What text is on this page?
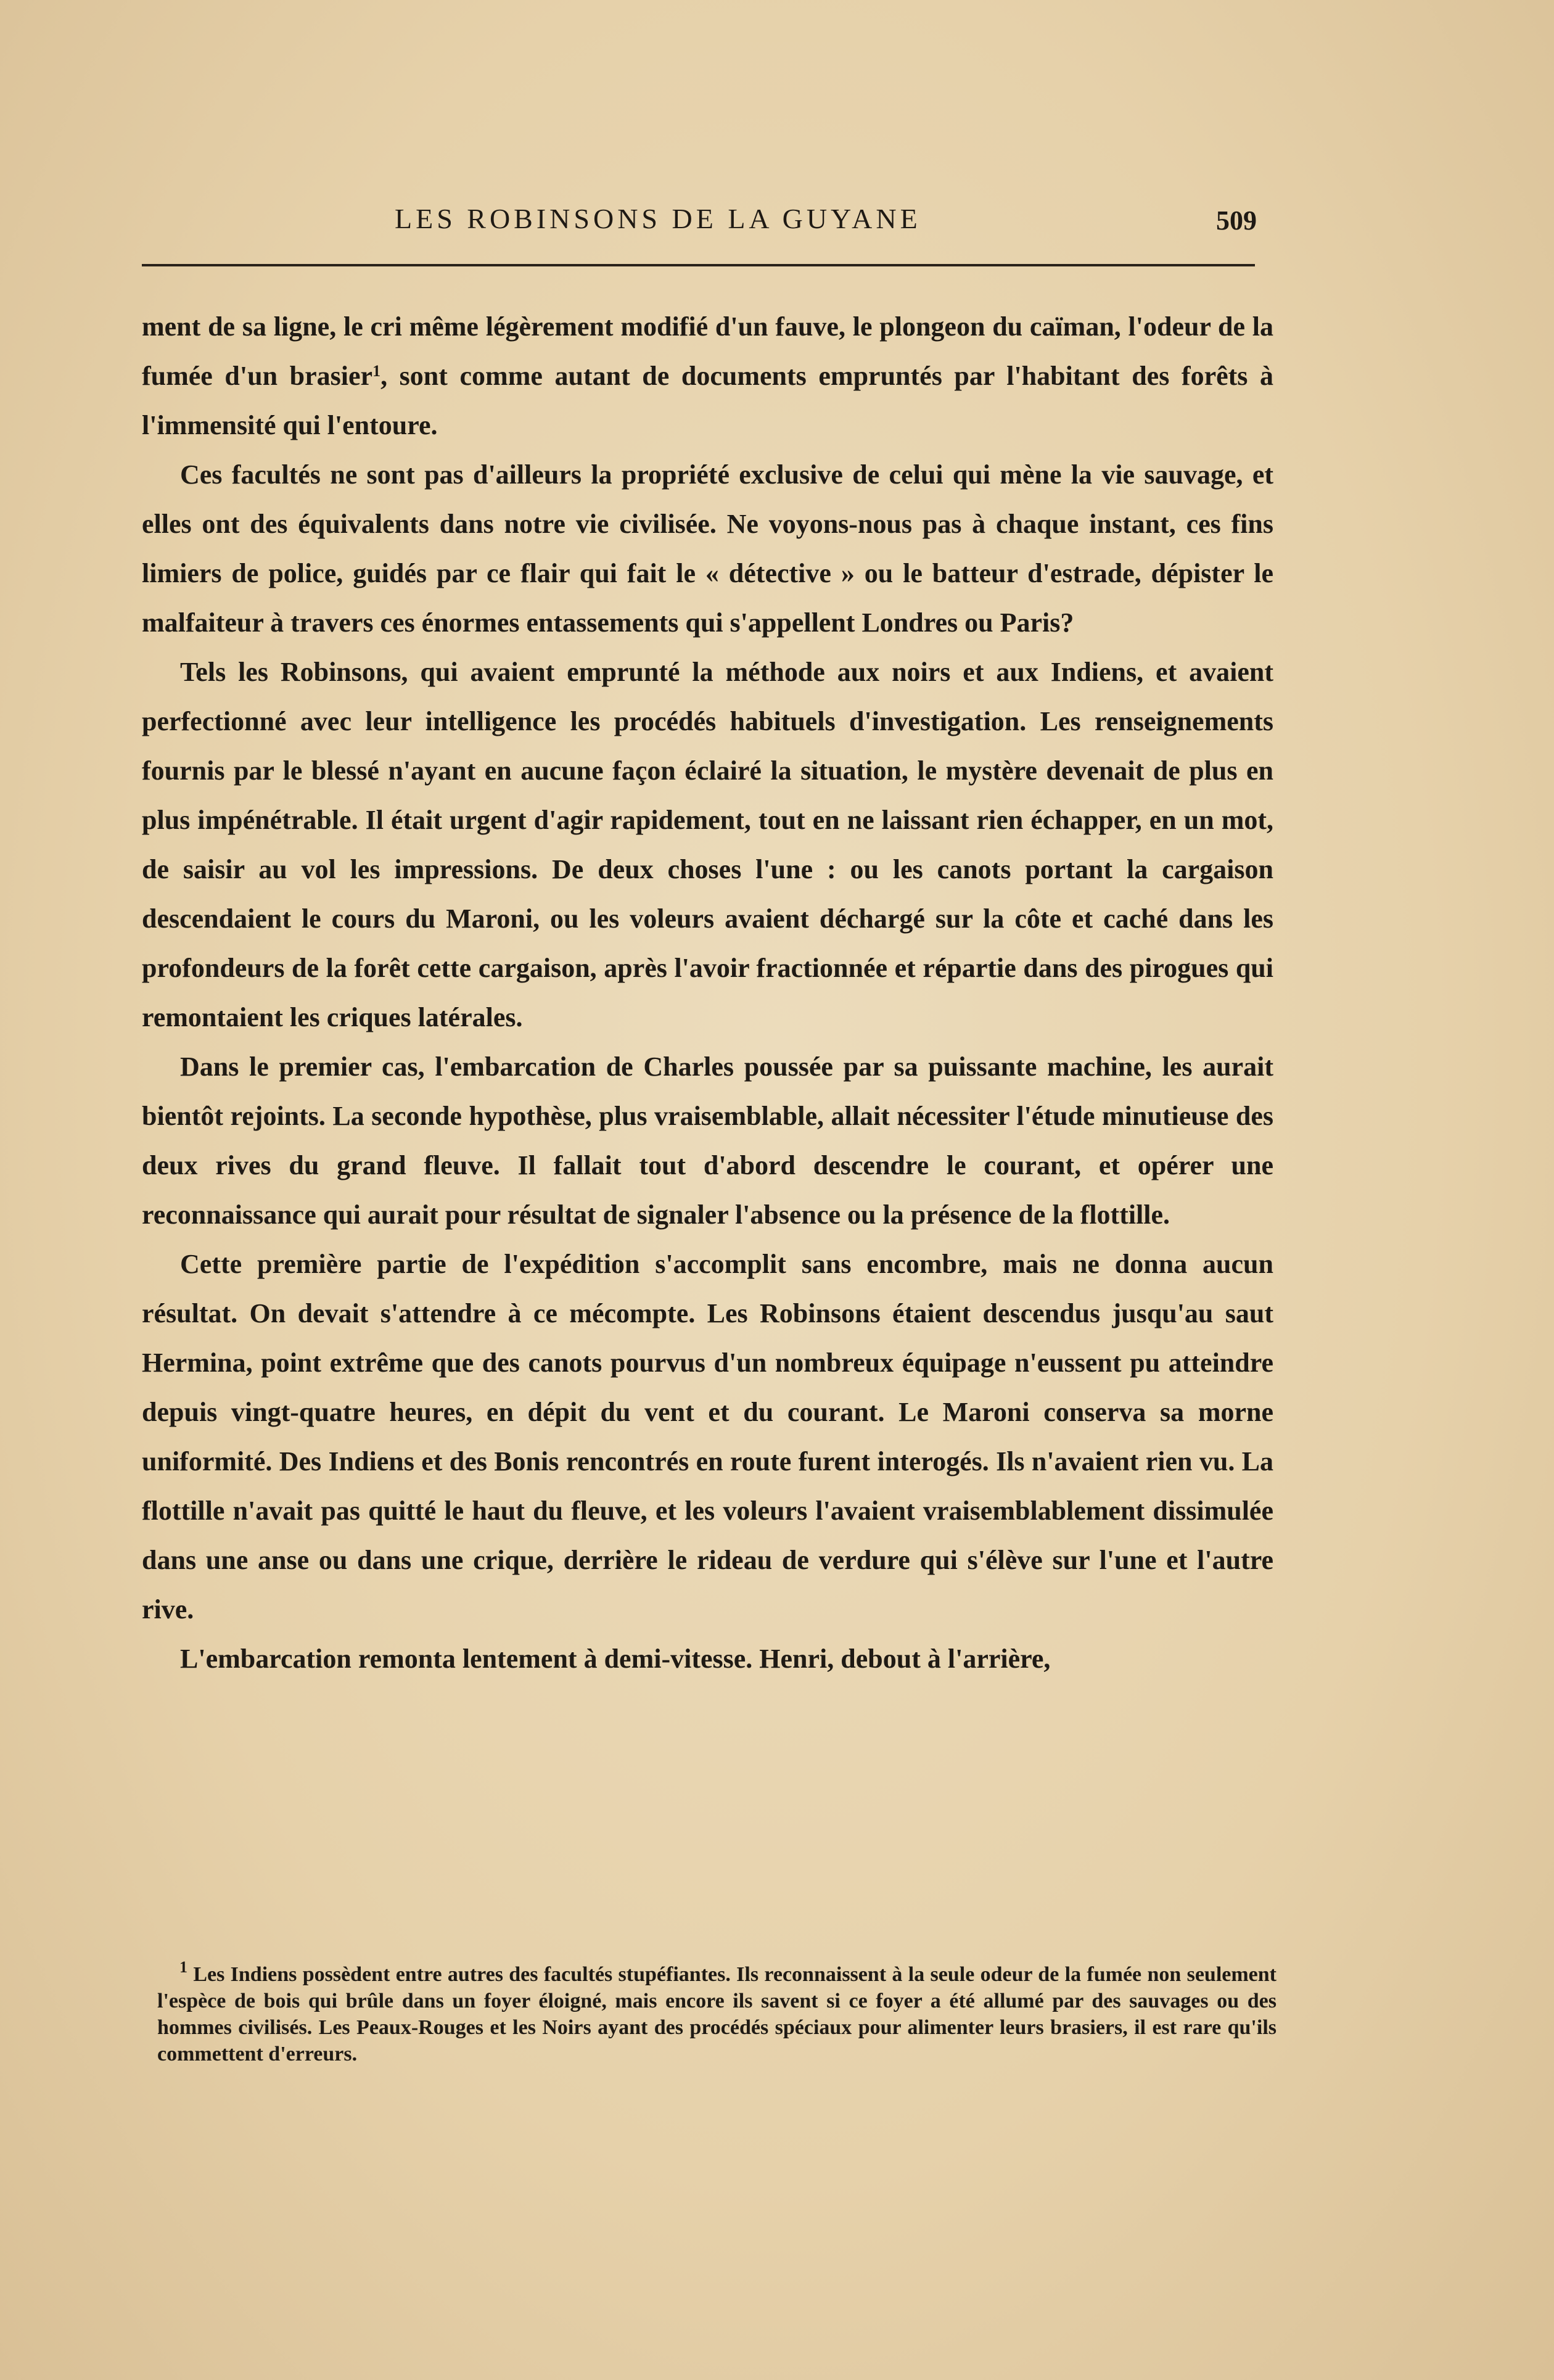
LES ROBINSONS DE LA GUYANE	509

ment de sa ligne, le cri même légèrement modifié d'un fauve, le plongeon du caïman, l'odeur de la fumée d'un brasier$^1$, sont comme autant de documents empruntés par l'habitant des forêts à l'immensité qui l'entoure.

Ces facultés ne sont pas d'ailleurs la propriété exclusive de celui qui mène la vie sauvage, et elles ont des équivalents dans notre vie civilisée. Ne voyons-nous pas à chaque instant, ces fins limiers de police, guidés par ce flair qui fait le « détective » ou le batteur d'estrade, dépister le malfaiteur à travers ces énormes entassements qui s'appellent Londres ou Paris?

Tels les Robinsons, qui avaient emprunté la méthode aux noirs et aux Indiens, et avaient perfectionné avec leur intelligence les procédés habituels d'investigation. Les renseignements fournis par le blessé n'ayant en aucune façon éclairé la situation, le mystère devenait de plus en plus impénétrable. Il était urgent d'agir rapidement, tout en ne laissant rien échapper, en un mot, de saisir au vol les impressions. De deux choses l'une : ou les canots portant la cargaison descendaient le cours du Maroni, ou les voleurs avaient déchargé sur la côte et caché dans les profondeurs de la forêt cette cargaison, après l'avoir fractionnée et répartie dans des pirogues qui remontaient les criques latérales.

Dans le premier cas, l'embarcation de Charles poussée par sa puissante machine, les aurait bientôt rejoints. La seconde hypothèse, plus vraisemblable, allait nécessiter l'étude minutieuse des deux rives du grand fleuve. Il fallait tout d'abord descendre le courant, et opérer une reconnaissance qui aurait pour résultat de signaler l'absence ou la présence de la flottille.

Cette première partie de l'expédition s'accomplit sans encombre, mais ne donna aucun résultat. On devait s'attendre à ce mécompte. Les Robinsons étaient descendus jusqu'au saut Hermina, point extrême que des canots pourvus d'un nombreux équipage n'eussent pu atteindre depuis vingt-quatre heures, en dépit du vent et du courant. Le Maroni conserva sa morne uniformité. Des Indiens et des Bonis rencontrés en route furent interogés. Ils n'avaient rien vu. La flottille n'avait pas quitté le haut du fleuve, et les voleurs l'avaient vraisemblablement dissimulée dans une anse ou dans une crique, derrière le rideau de verdure qui s'élève sur l'une et l'autre rive.

L'embarcation remonta lentement à demi-vitesse. Henri, debout à l'arrière,

$^1$ Les Indiens possèdent entre autres des facultés stupéfiantes. Ils reconnaissent à la seule odeur de la fumée non seulement l'espèce de bois qui brûle dans un foyer éloigné, mais encore ils savent si ce foyer a été allumé par des sauvages ou des hommes civilisés. Les Peaux-Rouges et les Noirs ayant des procédés spéciaux pour alimenter leurs brasiers, il est rare qu'ils commettent d'erreurs.
